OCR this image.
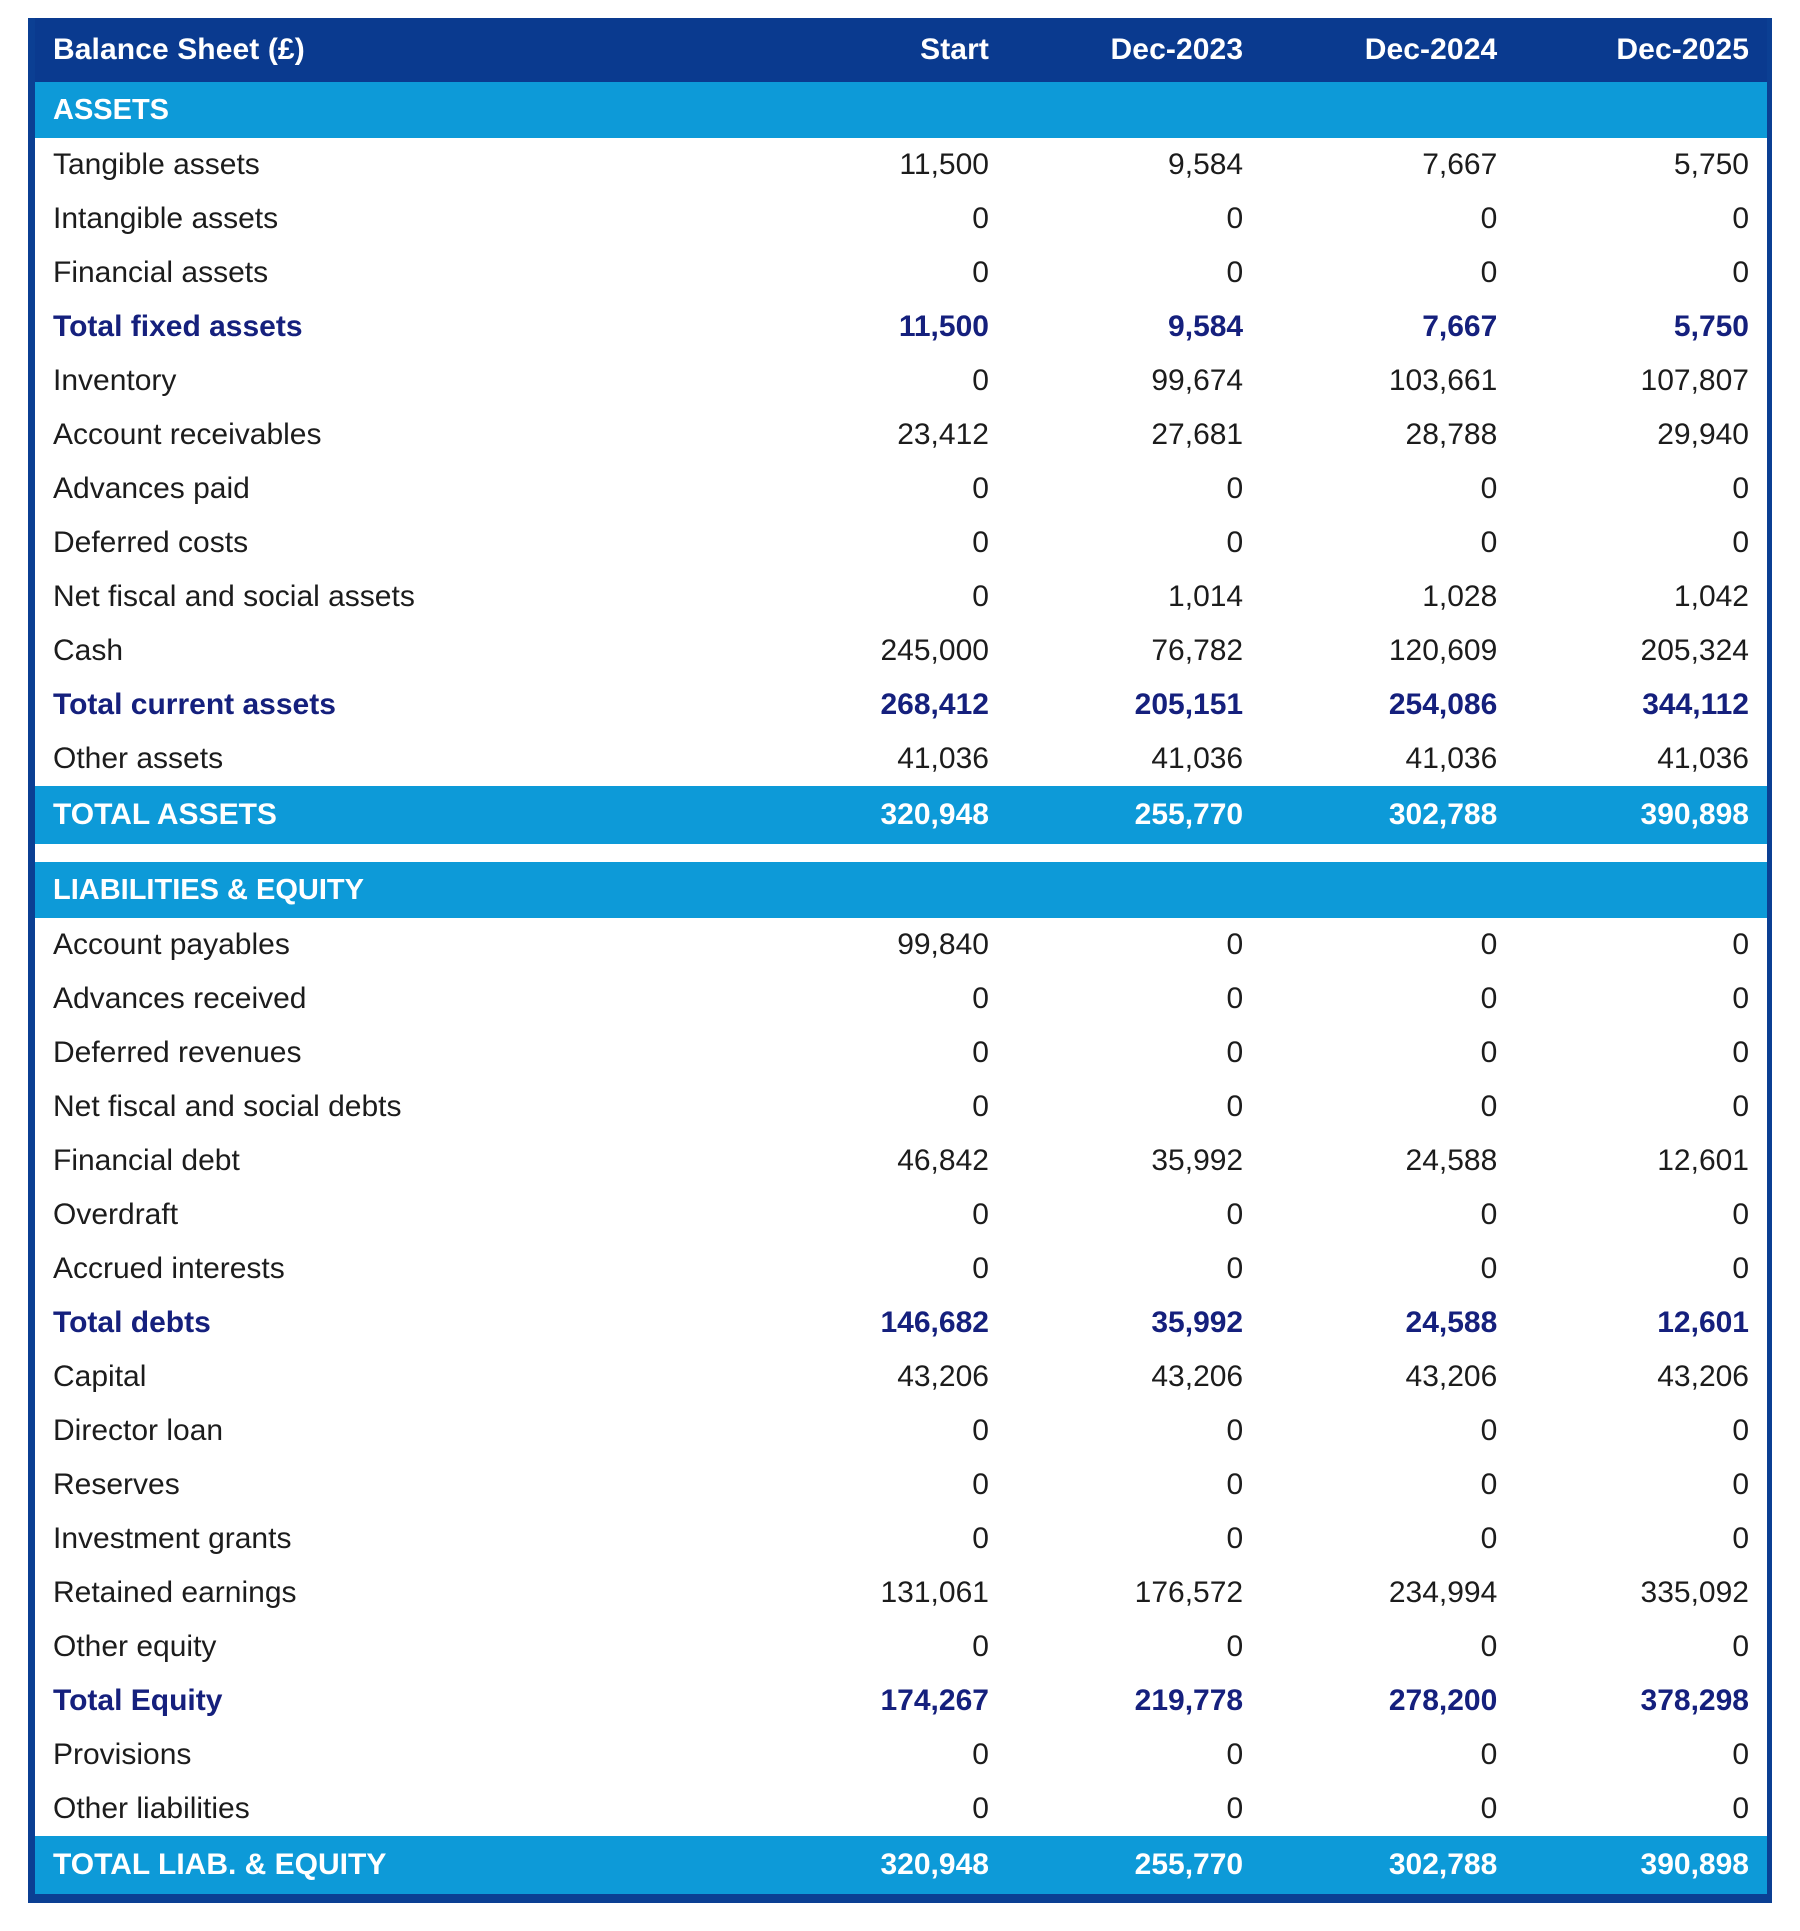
Balance Sheet (£)	Start	Dec-2023	Dec-2024	Dec-2025
ASSETS				
Tangible assets	11,500	9,584	7,667	5,750
Intangible assets	0	0	0	0
Financial assets	0	0	0	0
Total fixed assets	11,500	9,584	7,667	5,750
Inventory	0	99,674	103,661	107,807
Account receivables	23,412	27,681	28,788	29,940
Advances paid	0	0	0	0
Deferred costs	0	0	0	0
Net fiscal and social assets	0	1,014	1,028	1,042
Cash	245,000	76,782	120,609	205,324
Total current assets	268,412	205,151	254,086	344,112
Other assets	41,036	41,036	41,036	41,036
TOTAL ASSETS	320,948	255,770	302,788	390,898

LIABILITIES & EQUITY				
Account payables	99,840	0	0	0
Advances received	0	0	0	0
Deferred revenues	0	0	0	0
Net fiscal and social debts	0	0	0	0
Financial debt	46,842	35,992	24,588	12,601
Overdraft	0	0	0	0
Accrued interests	0	0	0	0
Total debts	146,682	35,992	24,588	12,601
Capital	43,206	43,206	43,206	43,206
Director loan	0	0	0	0
Reserves	0	0	0	0
Investment grants	0	0	0	0
Retained earnings	131,061	176,572	234,994	335,092
Other equity	0	0	0	0
Total Equity	174,267	219,778	278,200	378,298
Provisions	0	0	0	0
Other liabilities	0	0	0	0
TOTAL LIAB. & EQUITY	320,948	255,770	302,788	390,898
